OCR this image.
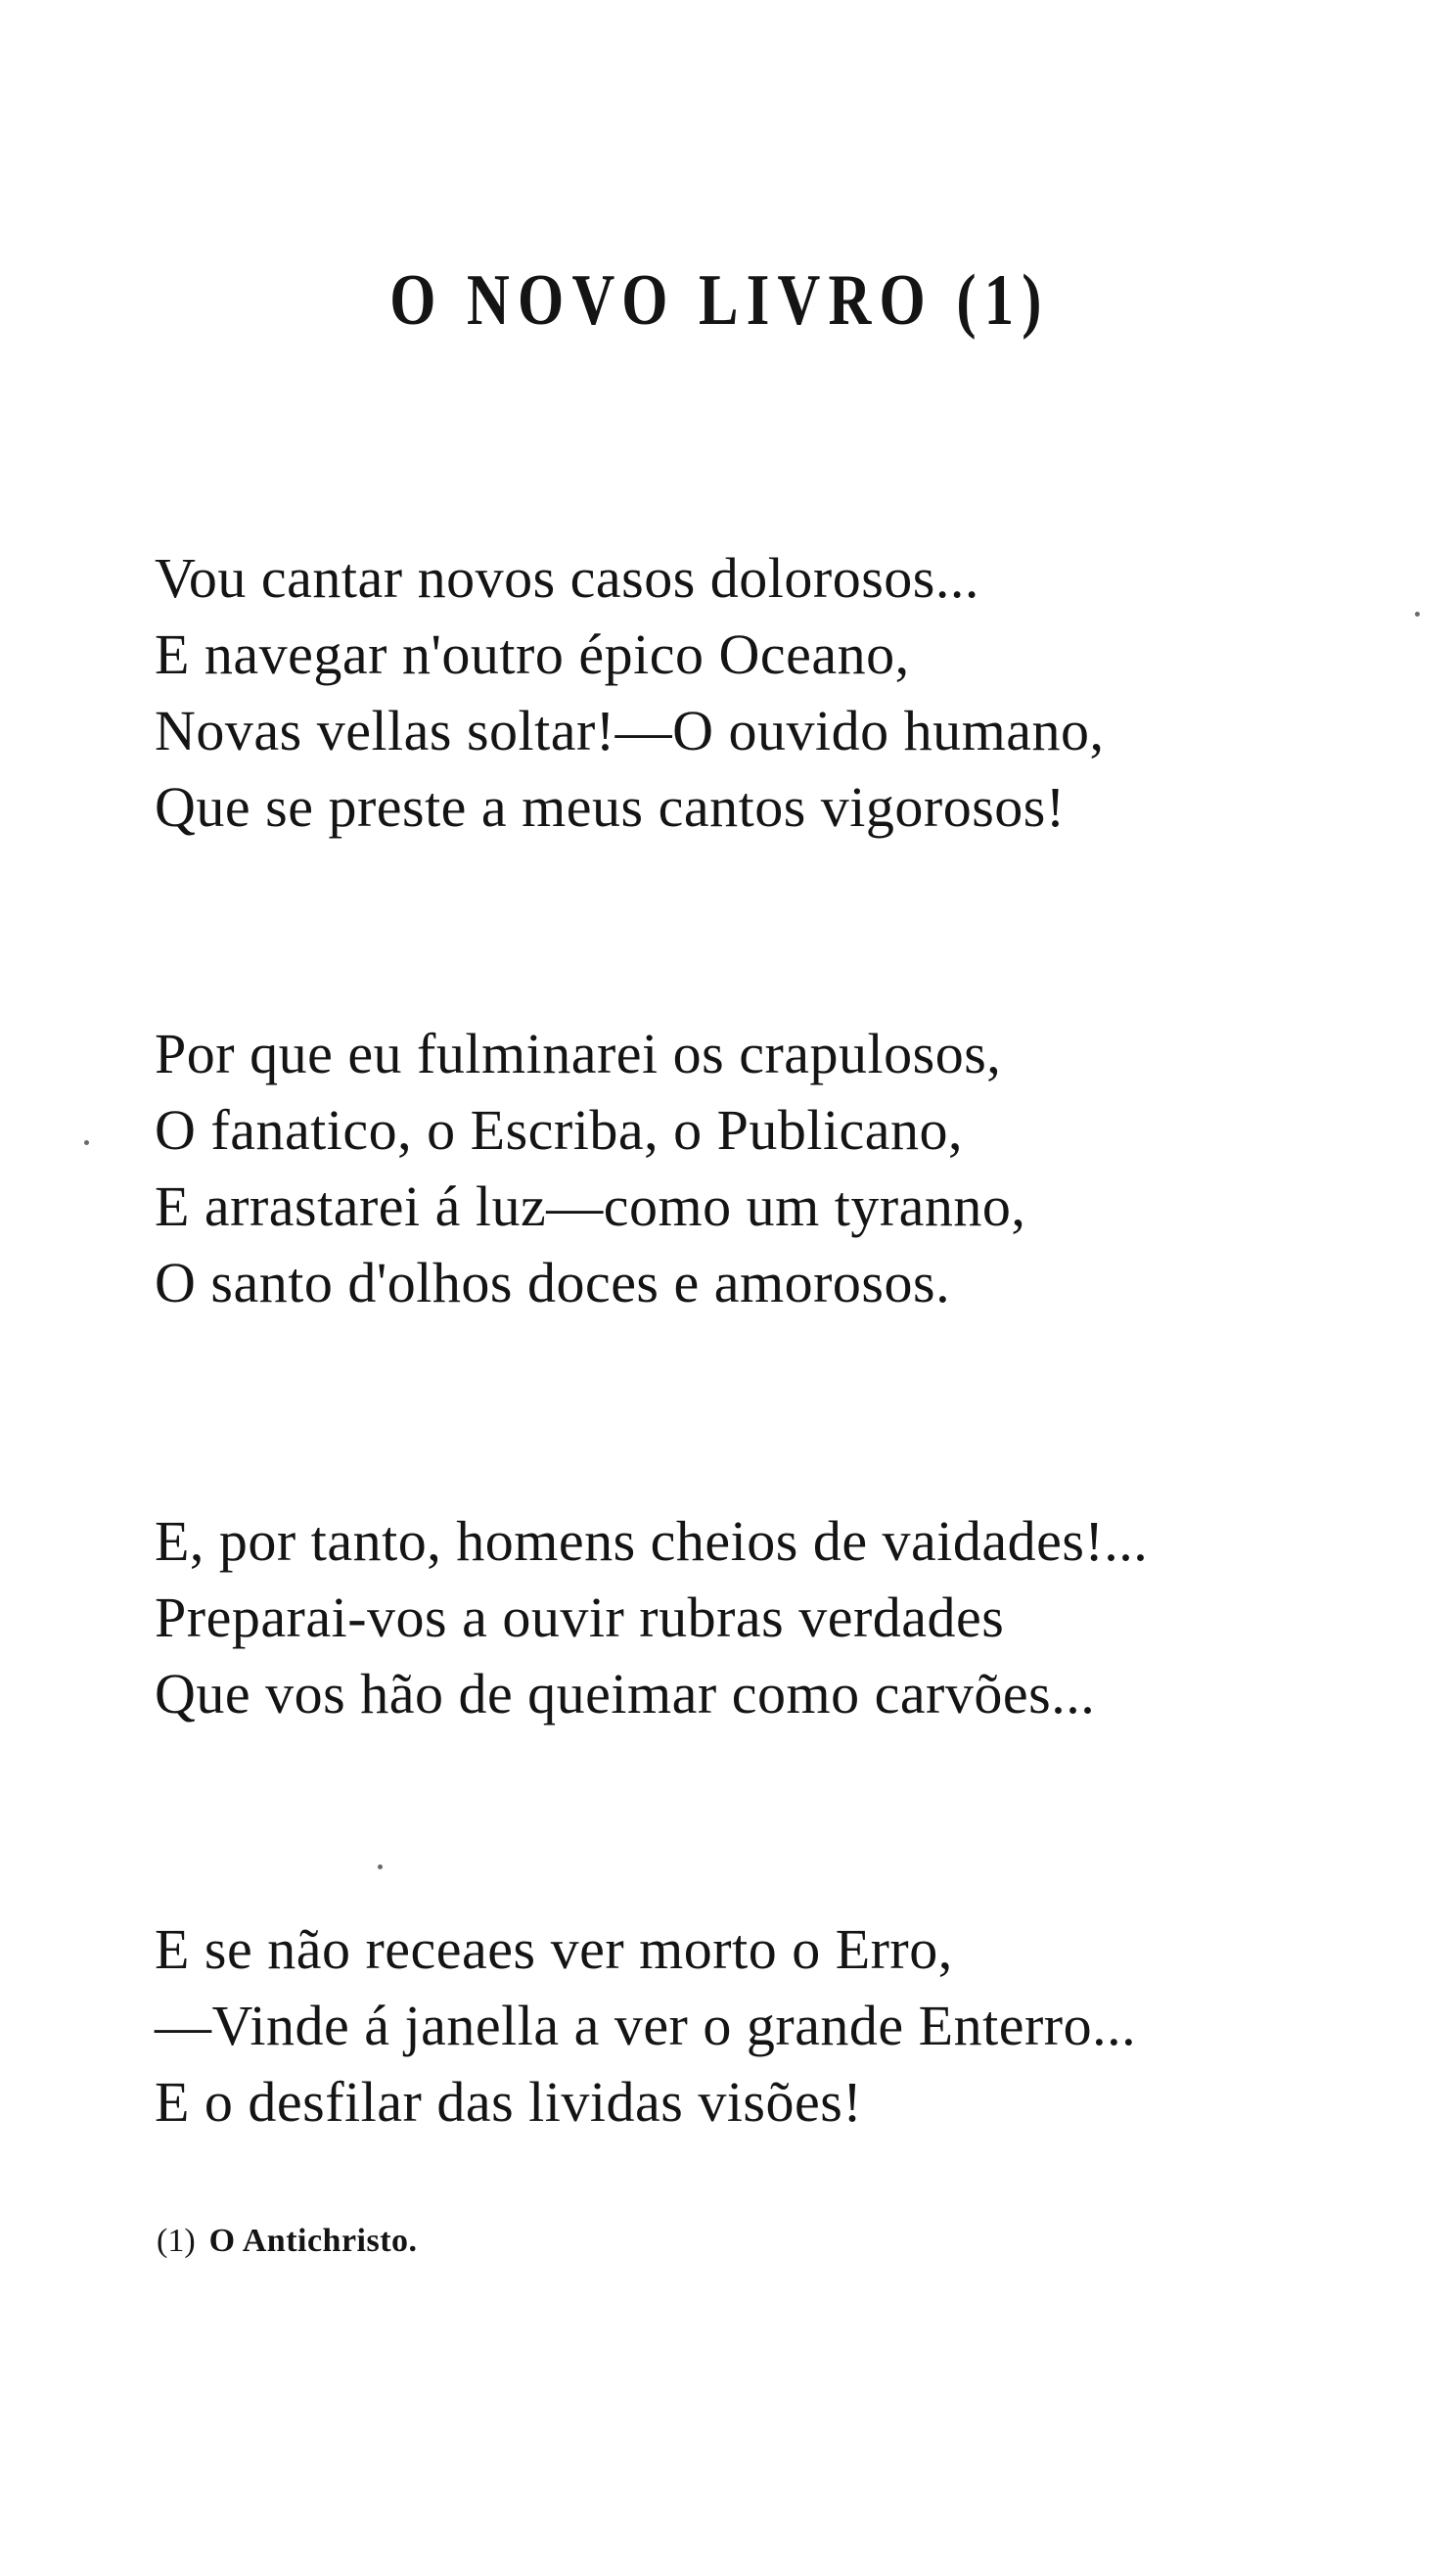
O NOVO LIVRO (1)
Vou cantar novos casos dolorosos...
E navegar n'outro épico Oceano,
Novas vellas soltar!—O ouvido humano,
Que se preste a meus cantos vigorosos!
Por que eu fulminarei os crapulosos,
O fanatico, o Escriba, o Publicano,
E arrastarei á luz—como um tyranno,
O santo d'olhos doces e amorosos.
E, por tanto, homens cheios de vaidades!...
Preparai-vos a ouvir rubras verdades
Que vos hão de queimar como carvões...
E se não receaes ver morto o Erro,
—Vinde á janella a ver o grande Enterro...
E o desfilar das lividas visões!
(1) O Antichristo.
